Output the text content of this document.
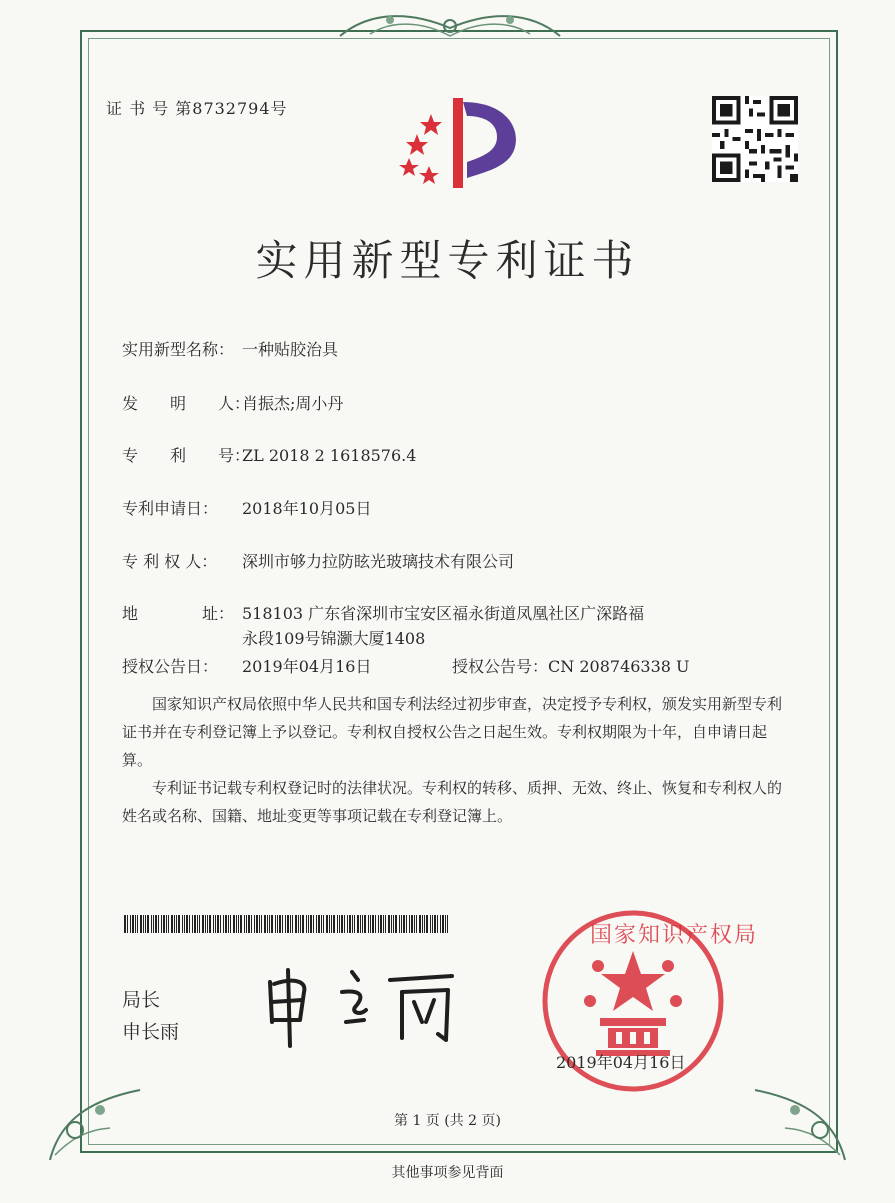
证 书 号 第8732794号
实用新型专利证书
实用新型名称： 一种贴胶治具
发　　明　　人：肖振杰;周小丹
专　　利　　号：ZL 2018 2 1618576.4
专利申请日： 2018年10月05日
专 利 权 人： 深圳市够力拉防眩光玻璃技术有限公司
地　　　　址： 518103 广东省深圳市宝安区福永街道凤凰社区广深路福
永段109号锦灏大厦1408
授权公告日： 2019年04月16日	授权公告号：CN 208746338 U
国家知识产权局依照中华人民共和国专利法经过初步审查，决定授予专利权，颁发实用新型专利证书并在专利登记簿上予以登记。专利权自授权公告之日起生效。专利权期限为十年，自申请日起算。
专利证书记载专利权登记时的法律状况。专利权的转移、质押、无效、终止、恢复和专利权人的姓名或名称、国籍、地址变更等事项记载在专利登记簿上。
局长
申长雨
国家知识产权局
2019年04月16日
第 1 页 (共 2 页)
其他事项参见背面
